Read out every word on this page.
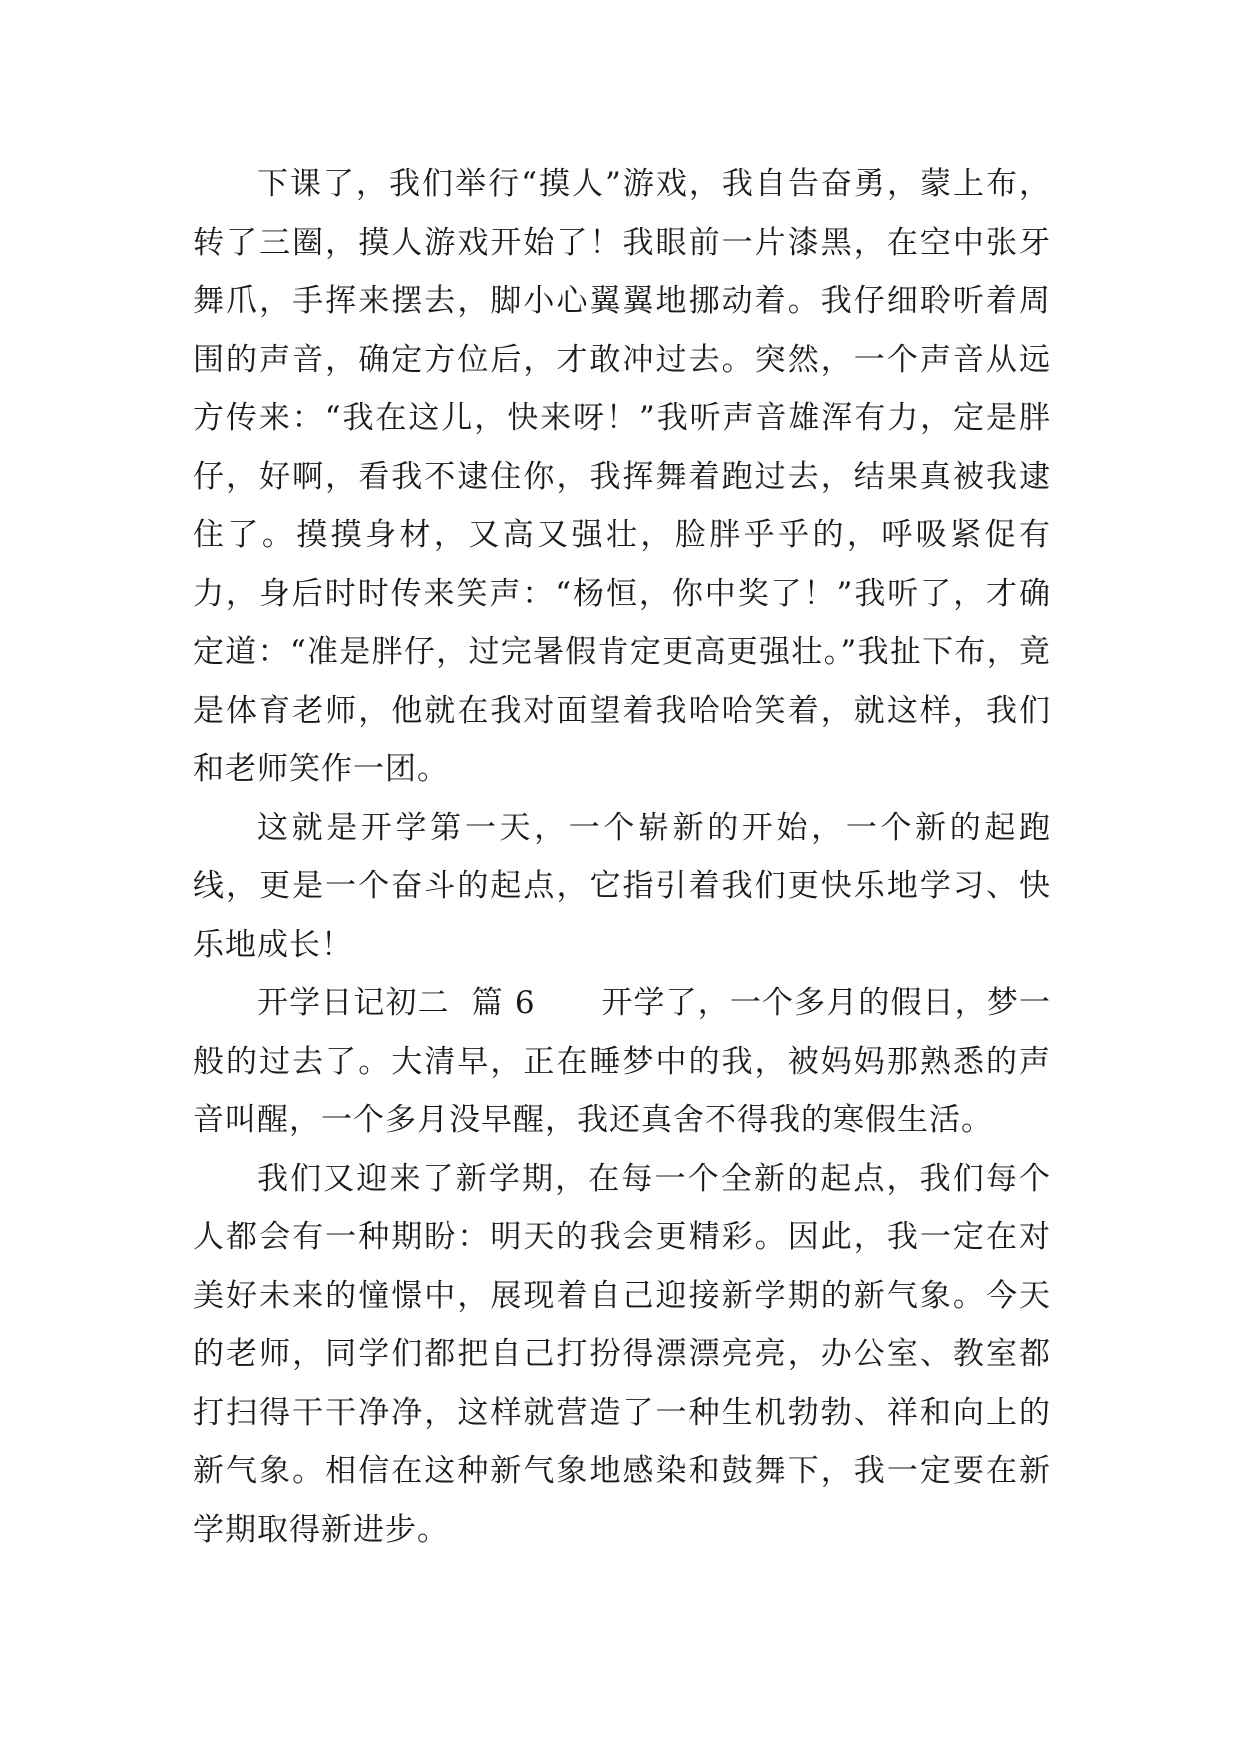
下课了，我们举行“摸人”游戏，我自告奋勇，蒙上布，转了三圈，摸人游戏开始了！我眼前一片漆黑，在空中张牙舞爪，手挥来摆去，脚小心翼翼地挪动着。我仔细聆听着周围的声音，确定方位后，才敢冲过去。突然，一个声音从远方传来：“我在这儿，快来呀！”我听声音雄浑有力，定是胖仔，好啊，看我不逮住你，我挥舞着跑过去，结果真被我逮住了。摸摸身材，又高又强壮，脸胖乎乎的，呼吸紧促有力，身后时时传来笑声：“杨恒，你中奖了！”我听了，才确定道：“准是胖仔，过完暑假肯定更高更强壮。”我扯下布，竟是体育老师，他就在我对面望着我哈哈笑着，就这样，我们和老师笑作一团。

这就是开学第一天，一个崭新的开始，一个新的起跑线，更是一个奋斗的起点，它指引着我们更快乐地学习、快乐地成长！

开学日记初二 篇 6 开学了，一个多月的假日，梦一般的过去了。大清早，正在睡梦中的我，被妈妈那熟悉的声音叫醒，一个多月没早醒，我还真舍不得我的寒假生活。

我们又迎来了新学期，在每一个全新的起点，我们每个人都会有一种期盼：明天的我会更精彩。因此，我一定在对美好未来的憧憬中，展现着自己迎接新学期的新气象。今天的老师，同学们都把自己打扮得漂漂亮亮，办公室、教室都打扫得干干净净，这样就营造了一种生机勃勃、祥和向上的新气象。相信在这种新气象地感染和鼓舞下，我一定要在新学期取得新进步。
